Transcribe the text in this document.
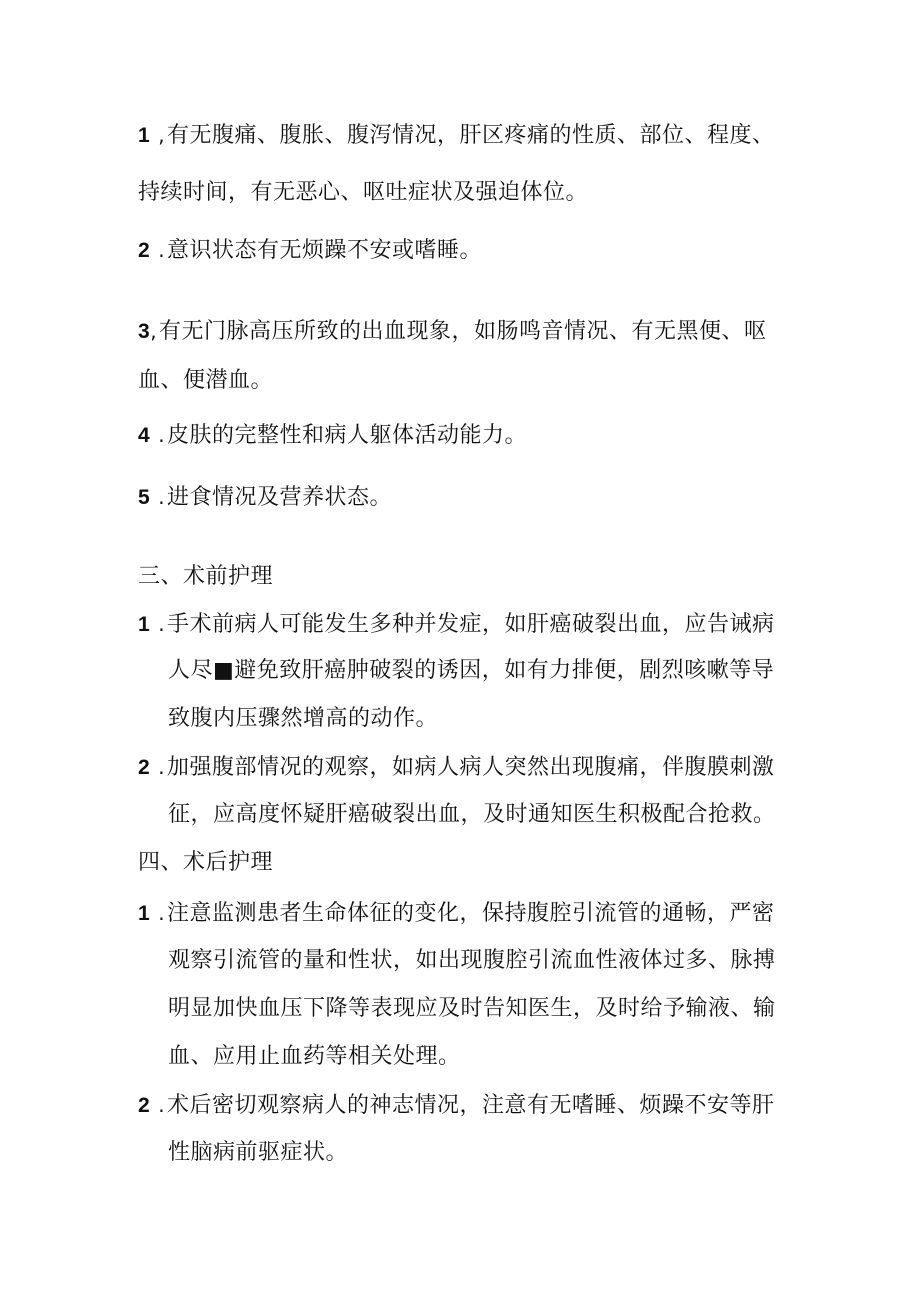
1 ,有无腹痛、腹胀、腹泻情况，肝区疼痛的性质、部位、程度、
持续时间，有无恶心、呕吐症状及强迫体位。
2 .意识状态有无烦躁不安或嗜睡。
3,有无门脉高压所致的出血现象，如肠鸣音情况、有无黑便、呕
血、便潜血。
4 .皮肤的完整性和病人躯体活动能力。
5 .进食情况及营养状态。
三、术前护理
1 .手术前病人可能发生多种并发症，如肝癌破裂出血，应告诫病
人尽■避免致肝癌肿破裂的诱因，如有力排便，剧烈咳嗽等导
致腹内压骤然增高的动作。
2 .加强腹部情况的观察，如病人病人突然出现腹痛，伴腹膜刺激
征，应高度怀疑肝癌破裂出血，及时通知医生积极配合抢救。
四、术后护理
1 .注意监测患者生命体征的变化，保持腹腔引流管的通畅，严密
观察引流管的量和性状，如出现腹腔引流血性液体过多、脉搏
明显加快血压下降等表现应及时告知医生，及时给予输液、输
血、应用止血药等相关处理。
2 .术后密切观察病人的神志情况，注意有无嗜睡、烦躁不安等肝
性脑病前驱症状。
